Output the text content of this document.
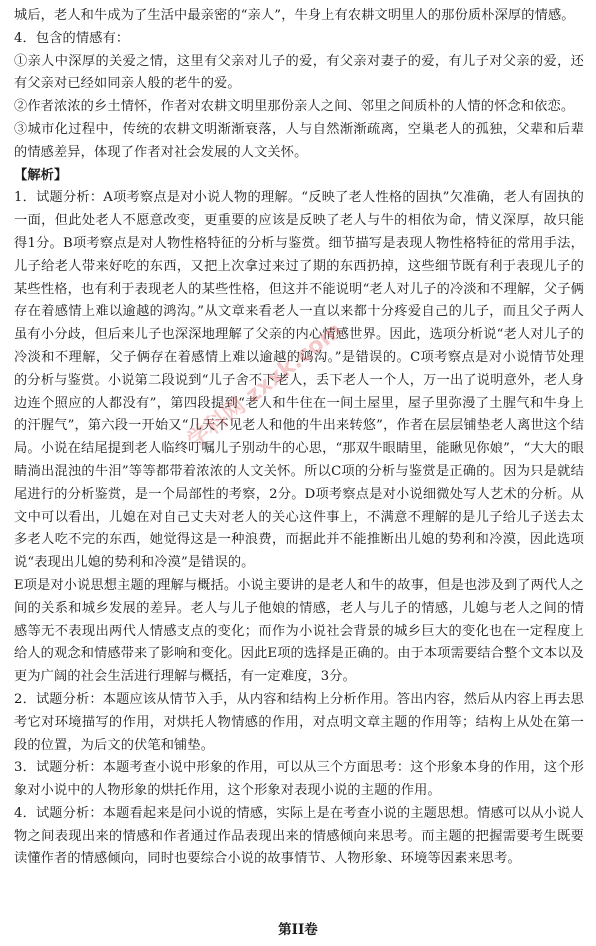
城后，老人和牛成为了生活中最亲密的“亲人”，牛身上有农耕文明里人的那份质朴深厚的情感。

4．包含的情感有：

①亲人中深厚的关爱之情，这里有父亲对儿子的爱，有父亲对妻子的爱，有儿子对父亲的爱，还有父亲对已经如同亲人般的老牛的爱。

②作者浓浓的乡土情怀，作者对农耕文明里那份亲人之间、邻里之间质朴的人情的怀念和依恋。

③城市化过程中，传统的农耕文明渐渐衰落，人与自然渐渐疏离，空巢老人的孤独，父辈和后辈的情感差异，体现了作者对社会发展的人文关怀。

【解析】

1．试题分析：A项考察点是对小说人物的理解。“反映了老人性格的固执”欠准确，老人有固执的一面，但此处老人不愿意改变，更重要的应该是反映了老人与牛的相依为命，情义深厚，故只能得1分。B项考察点是对人物性格特征的分析与鉴赏。细节描写是表现人物性格特征的常用手法，儿子给老人带来好吃的东西，又把上次拿过来过了期的东西扔掉，这些细节既有利于表现儿子的某些性格，也有利于表现老人的某些性格，但这并不能说明“老人对儿子的冷淡和不理解，父子俩存在着感情上难以逾越的鸿沟。”从文章来看老人一直以来都十分疼爱自己的儿子，而且父子两人虽有小分歧，但后来儿子也深深地理解了父亲的内心情感世界。因此，选项分析说“老人对儿子的冷淡和不理解，父子俩存在着感情上难以逾越的鸿沟。”是错误的。C项考察点是对小说情节处理的分析与鉴赏。小说第二段说到“儿子舍不下老人，丢下老人一个人，万一出了说明意外，老人身边连个照应的人都没有”，第四段提到“老人和牛住在一间土屋里，屋子里弥漫了土腥气和牛身上的汗腥气”，第六段一开始又“几天不见老人和他的牛出来转悠”，作者在层层铺垫老人离世这个结局。小说在结尾提到老人临终叮嘱儿子别动牛的心思，“那双牛眼睛里，能瞅见你娘”，“大大的眼睛淌出混浊的牛泪”等等都带着浓浓的人文关怀。所以C项的分析与鉴赏是正确的。因为只是就结尾进行的分析鉴赏，是一个局部性的考察，2分。D项考察点是对小说细微处写人艺术的分析。从文中可以看出，儿媳在对自己丈夫对老人的关心这件事上，不满意不理解的是儿子给儿子送去太多老人吃不完的东西，她觉得这是一种浪费，而据此并不能推断出儿媳的势利和冷漠，因此选项说“表现出儿媳的势利和冷漠”是错误的。

E项是对小说思想主题的理解与概括。小说主要讲的是老人和牛的故事，但是也涉及到了两代人之间的关系和城乡发展的差异。老人与儿子他娘的情感，老人与儿子的情感，儿媳与老人之间的情感等无不表现出两代人情感支点的变化；而作为小说社会背景的城乡巨大的变化也在一定程度上给人的观念和情感带来了影响和变化。因此E项的选择是正确的。由于本项需要结合整个文本以及更为广阔的社会生活进行理解与概括，有一定难度，3分。

2．试题分析：本题应该从情节入手，从内容和结构上分析作用。答出内容，然后从内容上再去思考它对环境描写的作用，对烘托人物情感的作用，对点明文章主题的作用等；结构上从处在第一段的位置，为后文的伏笔和铺垫。

3．试题分析：本题考查小说中形象的作用，可以从三个方面思考：这个形象本身的作用，这个形象对小说中的人物形象的烘托作用，这个形象对表现小说的主题的作用。

4．试题分析：本题看起来是问小说的情感，实际上是在考查小说的主题思想。情感可以从小说人物之间表现出来的情感和作者通过作品表现出来的情感倾向来思考。而主题的把握需要考生既要读懂作者的情感倾向，同时也要综合小说的故事情节、人物形象、环境等因素来思考。

学科网 zxxk.com
第II卷
